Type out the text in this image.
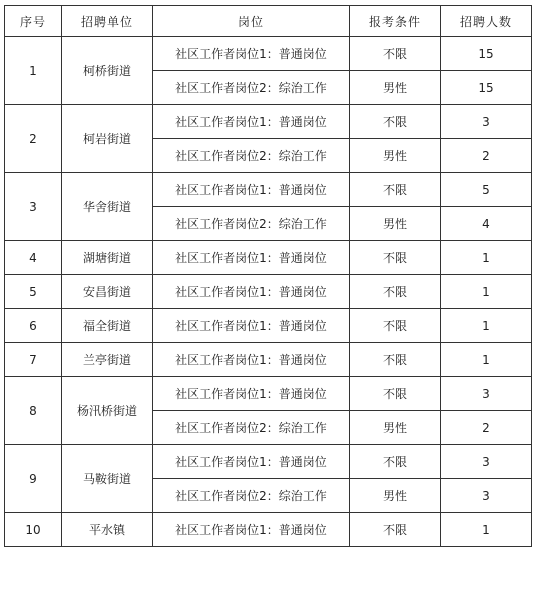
序号	招聘单位	岗位	报考条件	招聘人数
1	柯桥街道	社区工作者岗位1：普通岗位	不限	15
		社区工作者岗位2：综治工作	男性	15
2	柯岩街道	社区工作者岗位1：普通岗位	不限	3
		社区工作者岗位2：综治工作	男性	2
3	华舍街道	社区工作者岗位1：普通岗位	不限	5
		社区工作者岗位2：综治工作	男性	4
4	湖塘街道	社区工作者岗位1：普通岗位	不限	1
5	安昌街道	社区工作者岗位1：普通岗位	不限	1
6	福全街道	社区工作者岗位1：普通岗位	不限	1
7	兰亭街道	社区工作者岗位1：普通岗位	不限	1
8	杨汛桥街道	社区工作者岗位1：普通岗位	不限	3
		社区工作者岗位2：综治工作	男性	2
9	马鞍街道	社区工作者岗位1：普通岗位	不限	3
		社区工作者岗位2：综治工作	男性	3
10	平水镇	社区工作者岗位1：普通岗位	不限	1
